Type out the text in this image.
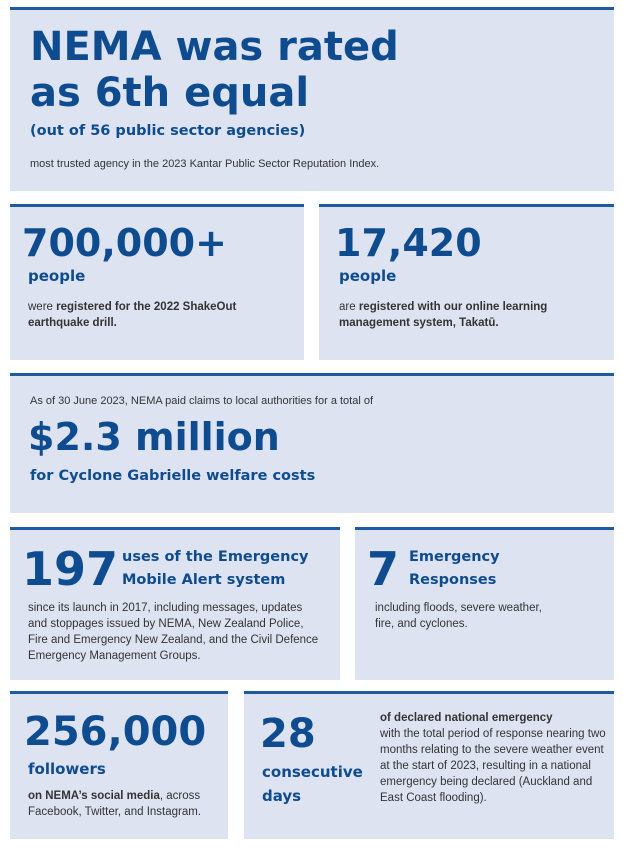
NEMA was rated
as 6th equal
(out of 56 public sector agencies)
most trusted agency in the 2023 Kantar Public Sector Reputation Index.
700,000+
people
were registered for the 2022 ShakeOut earthquake drill.
17,420
people
are registered with our online learning management system, Takatū.
As of 30 June 2023, NEMA paid claims to local authorities for a total of
$2.3 million
for Cyclone Gabrielle welfare costs
197 uses of the Emergency
Mobile Alert system
since its launch in 2017, including messages, updates and stoppages issued by NEMA, New Zealand Police, Fire and Emergency New Zealand, and the Civil Defence Emergency Management Groups.
7 Emergency
Responses
including floods, severe weather, fire, and cyclones.
256,000
followers
on NEMA’s social media, across Facebook, Twitter, and Instagram.
28
consecutive
days
of declared national emergency
with the total period of response nearing two months relating to the severe weather event at the start of 2023, resulting in a national emergency being declared (Auckland and East Coast flooding).
